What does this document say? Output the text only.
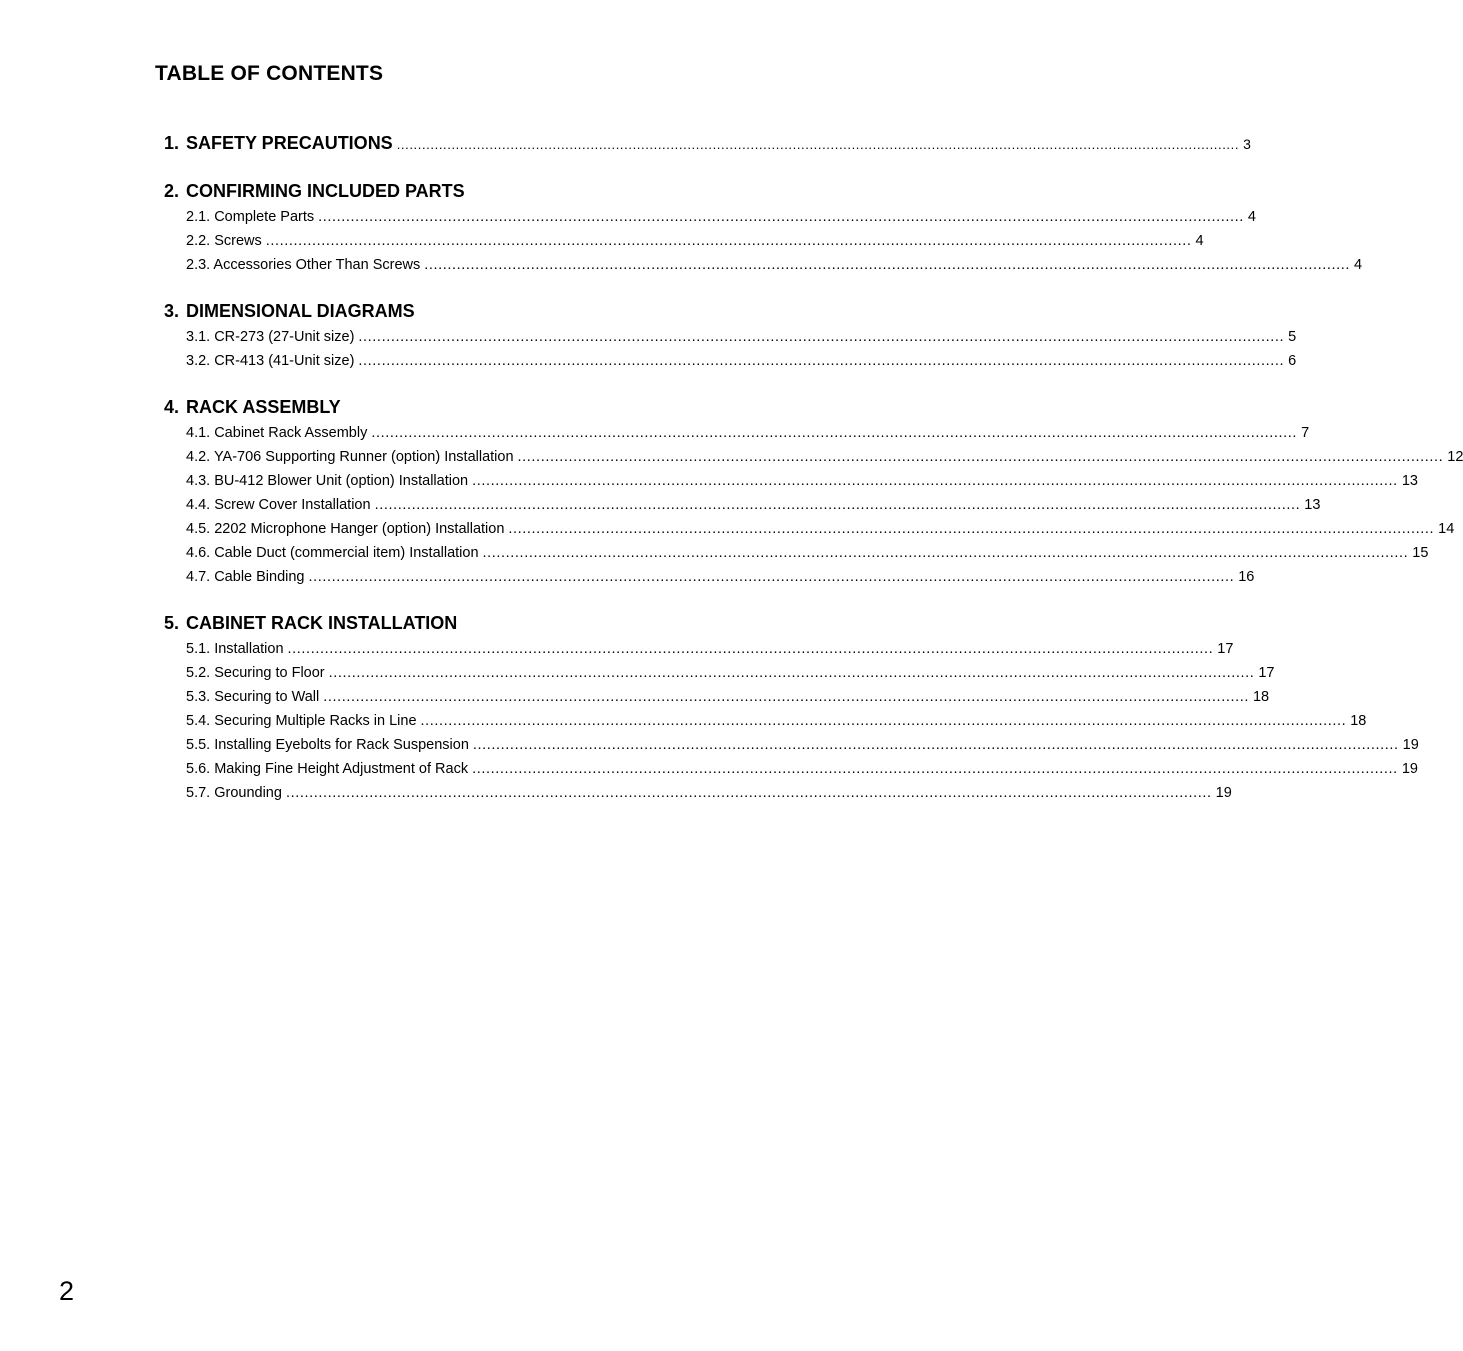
TABLE OF CONTENTS
1. SAFETY PRECAUTIONS ........................................................................................................................................................................................................ 3
2. CONFIRMING INCLUDED PARTS
2.1. Complete Parts ........................................................................................................................................................................................................ 4
2.2. Screws ........................................................................................................................................................................................................ 4
2.3. Accessories Other Than Screws ........................................................................................................................................................................................................ 4
3. DIMENSIONAL DIAGRAMS
3.1. CR-273 (27-Unit size) ........................................................................................................................................................................................................ 5
3.2. CR-413 (41-Unit size) ........................................................................................................................................................................................................ 6
4. RACK ASSEMBLY
4.1. Cabinet Rack Assembly ........................................................................................................................................................................................................ 7
4.2. YA-706 Supporting Runner (option) Installation ........................................................................................................................................................................................................ 12
4.3. BU-412 Blower Unit (option) Installation ........................................................................................................................................................................................................ 13
4.4. Screw Cover Installation ........................................................................................................................................................................................................ 13
4.5. 2202 Microphone Hanger (option) Installation ........................................................................................................................................................................................................ 14
4.6. Cable Duct (commercial item) Installation ........................................................................................................................................................................................................ 15
4.7. Cable Binding ........................................................................................................................................................................................................ 16
5. CABINET RACK INSTALLATION
5.1. Installation ........................................................................................................................................................................................................ 17
5.2. Securing to Floor ........................................................................................................................................................................................................ 17
5.3. Securing to Wall ........................................................................................................................................................................................................ 18
5.4. Securing Multiple Racks in Line ........................................................................................................................................................................................................ 18
5.5. Installing Eyebolts for Rack Suspension ........................................................................................................................................................................................................ 19
5.6. Making Fine Height Adjustment of Rack ........................................................................................................................................................................................................ 19
5.7. Grounding ........................................................................................................................................................................................................ 19
2
